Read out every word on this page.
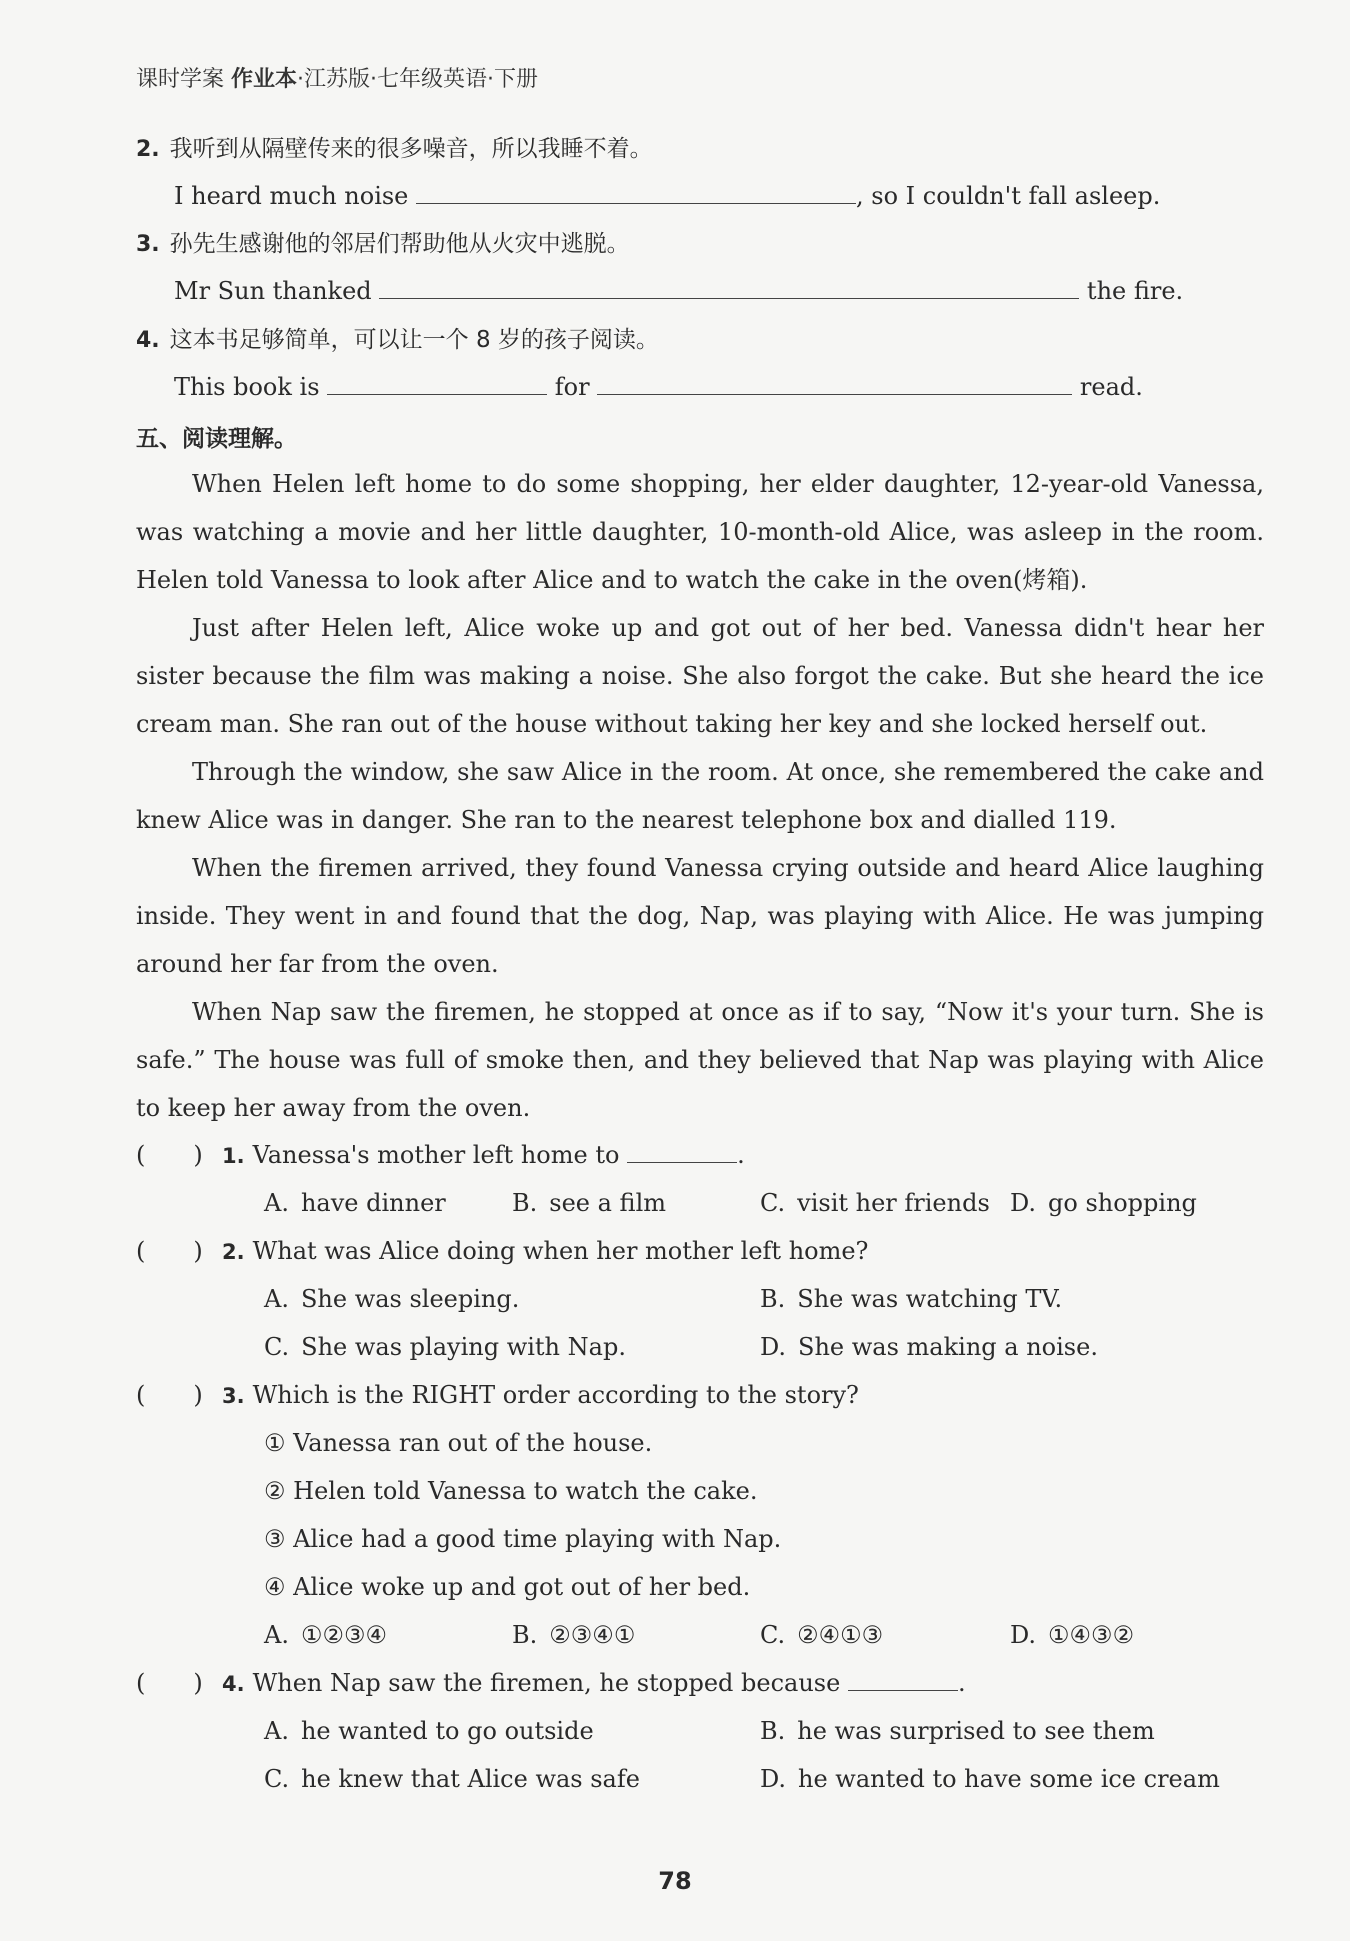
课时学案 作业本·江苏版·七年级英语·下册
2. 我听到从隔壁传来的很多噪音，所以我睡不着。
I heard much noise	, so I couldn't fall asleep.
3. 孙先生感谢他的邻居们帮助他从火灾中逃脱。
Mr Sun thanked	the fire.
4. 这本书足够简单，可以让一个 8 岁的孩子阅读。
This book is	for	read.
五、阅读理解。
When Helen left home to do some shopping, her elder daughter, 12-year-old Vanessa, was watching a movie and her little daughter, 10-month-old Alice, was asleep in the room. Helen told Vanessa to look after Alice and to watch the cake in the oven(烤箱).
Just after Helen left, Alice woke up and got out of her bed. Vanessa didn't hear her sister because the film was making a noise. She also forgot the cake. But she heard the ice cream man. She ran out of the house without taking her key and she locked herself out.
Through the window, she saw Alice in the room. At once, she remembered the cake and knew Alice was in danger. She ran to the nearest telephone box and dialled 119.
When the firemen arrived, they found Vanessa crying outside and heard Alice laughing inside. They went in and found that the dog, Nap, was playing with Alice. He was jumping around her far from the oven.
When Nap saw the firemen, he stopped at once as if to say, “Now it's your turn. She is safe.” The house was full of smoke then, and they believed that Nap was playing with Alice to keep her away from the oven.
(  ) 1. Vanessa's mother left home to	.
A. have dinner	B. see a film	C. visit her friends D. go shopping
(  ) 2. What was Alice doing when her mother left home?
A. She was sleeping.	B. She was watching TV.
C. She was playing with Nap.	D. She was making a noise.
(  ) 3. Which is the RIGHT order according to the story?
① Vanessa ran out of the house.
② Helen told Vanessa to watch the cake.
③ Alice had a good time playing with Nap.
④ Alice woke up and got out of her bed.
A. ①②③④	B. ②③④①	C. ②④①③	D. ①④③②
(  ) 4. When Nap saw the firemen, he stopped because	.
A. he wanted to go outside	B. he was surprised to see them
C. he knew that Alice was safe	D. he wanted to have some ice cream
78
